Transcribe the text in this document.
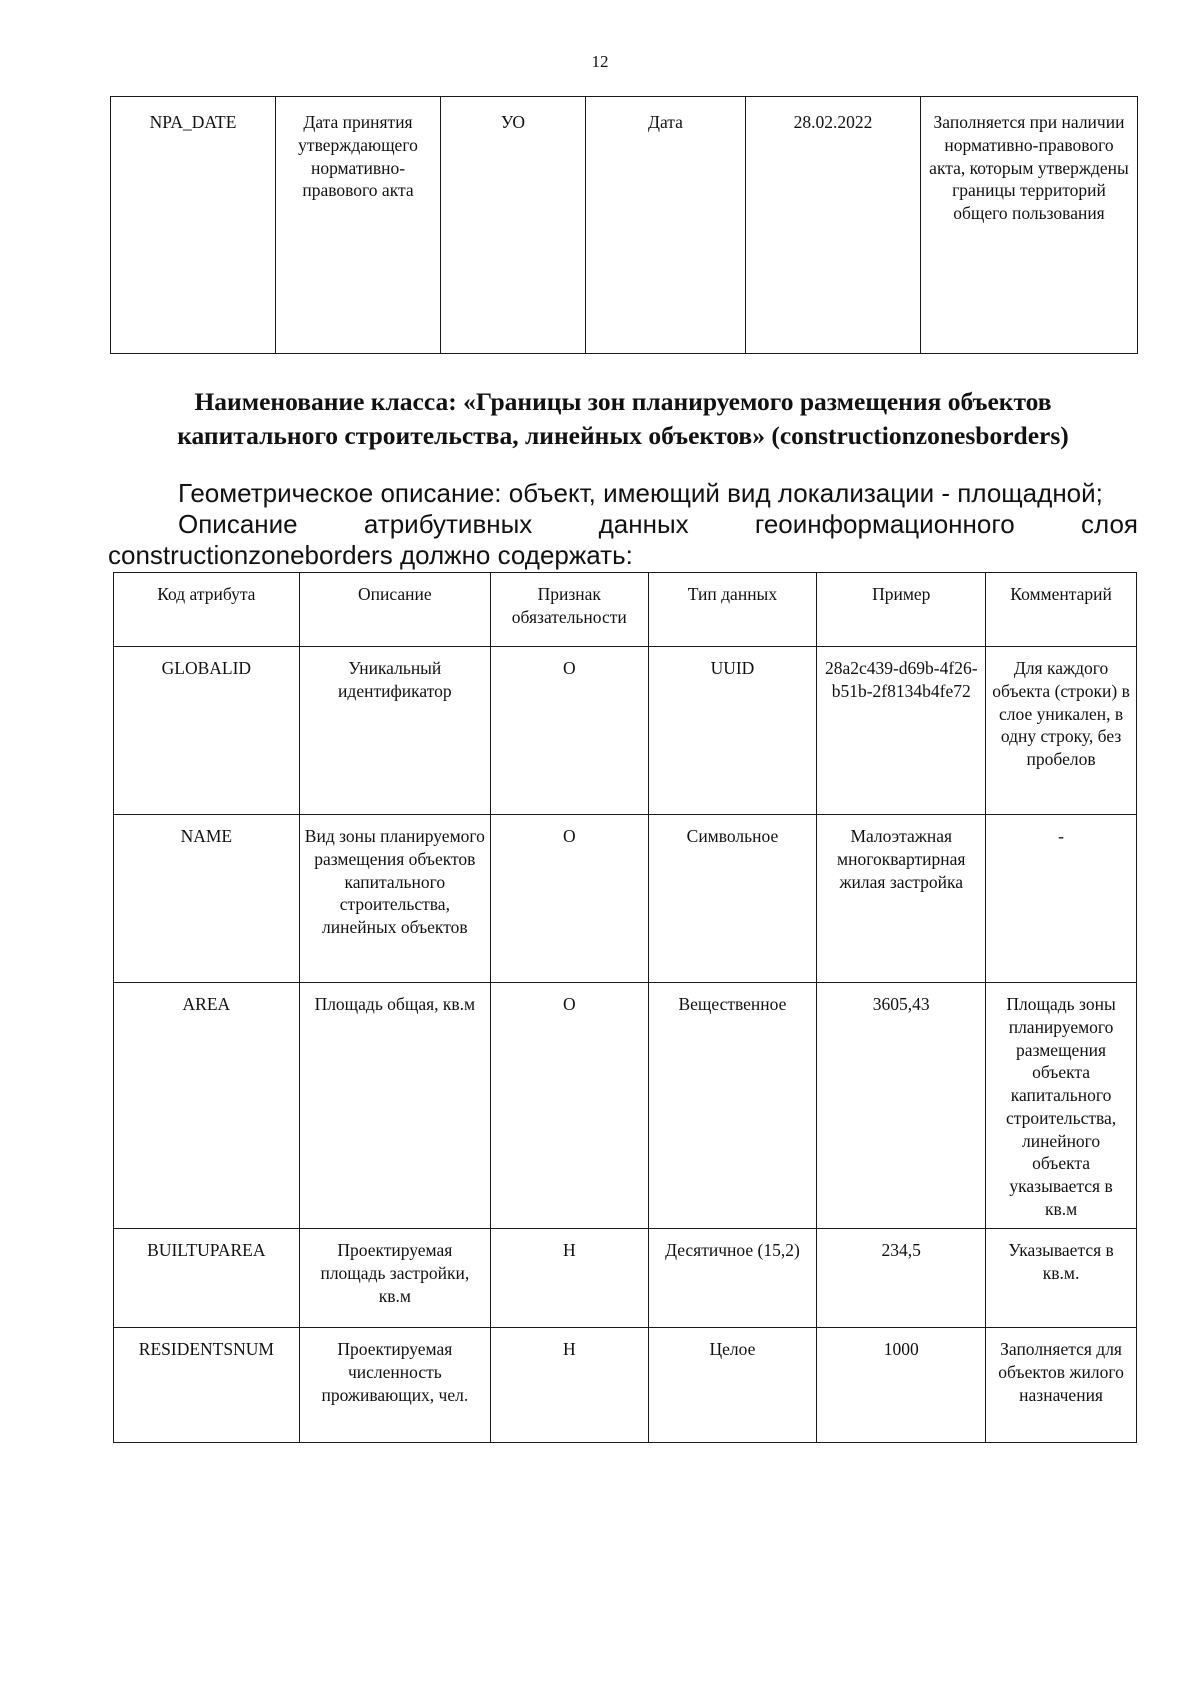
12
NPA_DATE	Дата принятия утверждающего нормативно-правового акта	УО	Дата	28.02.2022	Заполняется при наличии нормативно-правового акта, которым утверждены границы территорий общего пользования
Наименование класса: «Границы зон планируемого размещения объектов
капитального строительства, линейных объектов» (constructionzonesborders)
Геометрическое описание: объект, имеющий вид локализации - площадной;
Описание атрибутивных данных геоинформационного слоя
constructionzoneborders должно содержать:
Код атрибута	Описание	Признак обязательности	Тип данных	Пример	Комментарий
GLOBALID	Уникальный идентификатор	О	UUID	28a2c439-d69b-4f26-b51b-2f8134b4fe72	Для каждого объекта (строки) в слое уникален, в одну строку, без пробелов
NAME	Вид зоны планируемого размещения объектов капитального строительства, линейных объектов	О	Символьное	Малоэтажная многоквартирная жилая застройка	-
AREA	Площадь общая, кв.м	О	Вещественное	3605,43	Площадь зоны планируемого размещения объекта капитального строительства, линейного объекта указывается в кв.м
BUILTUPAREA	Проектируемая площадь застройки, кв.м	Н	Десятичное (15,2)	234,5	Указывается в кв.м.
RESIDENTSNUM	Проектируемая численность проживающих, чел.	Н	Целое	1000	Заполняется для объектов жилого назначения
